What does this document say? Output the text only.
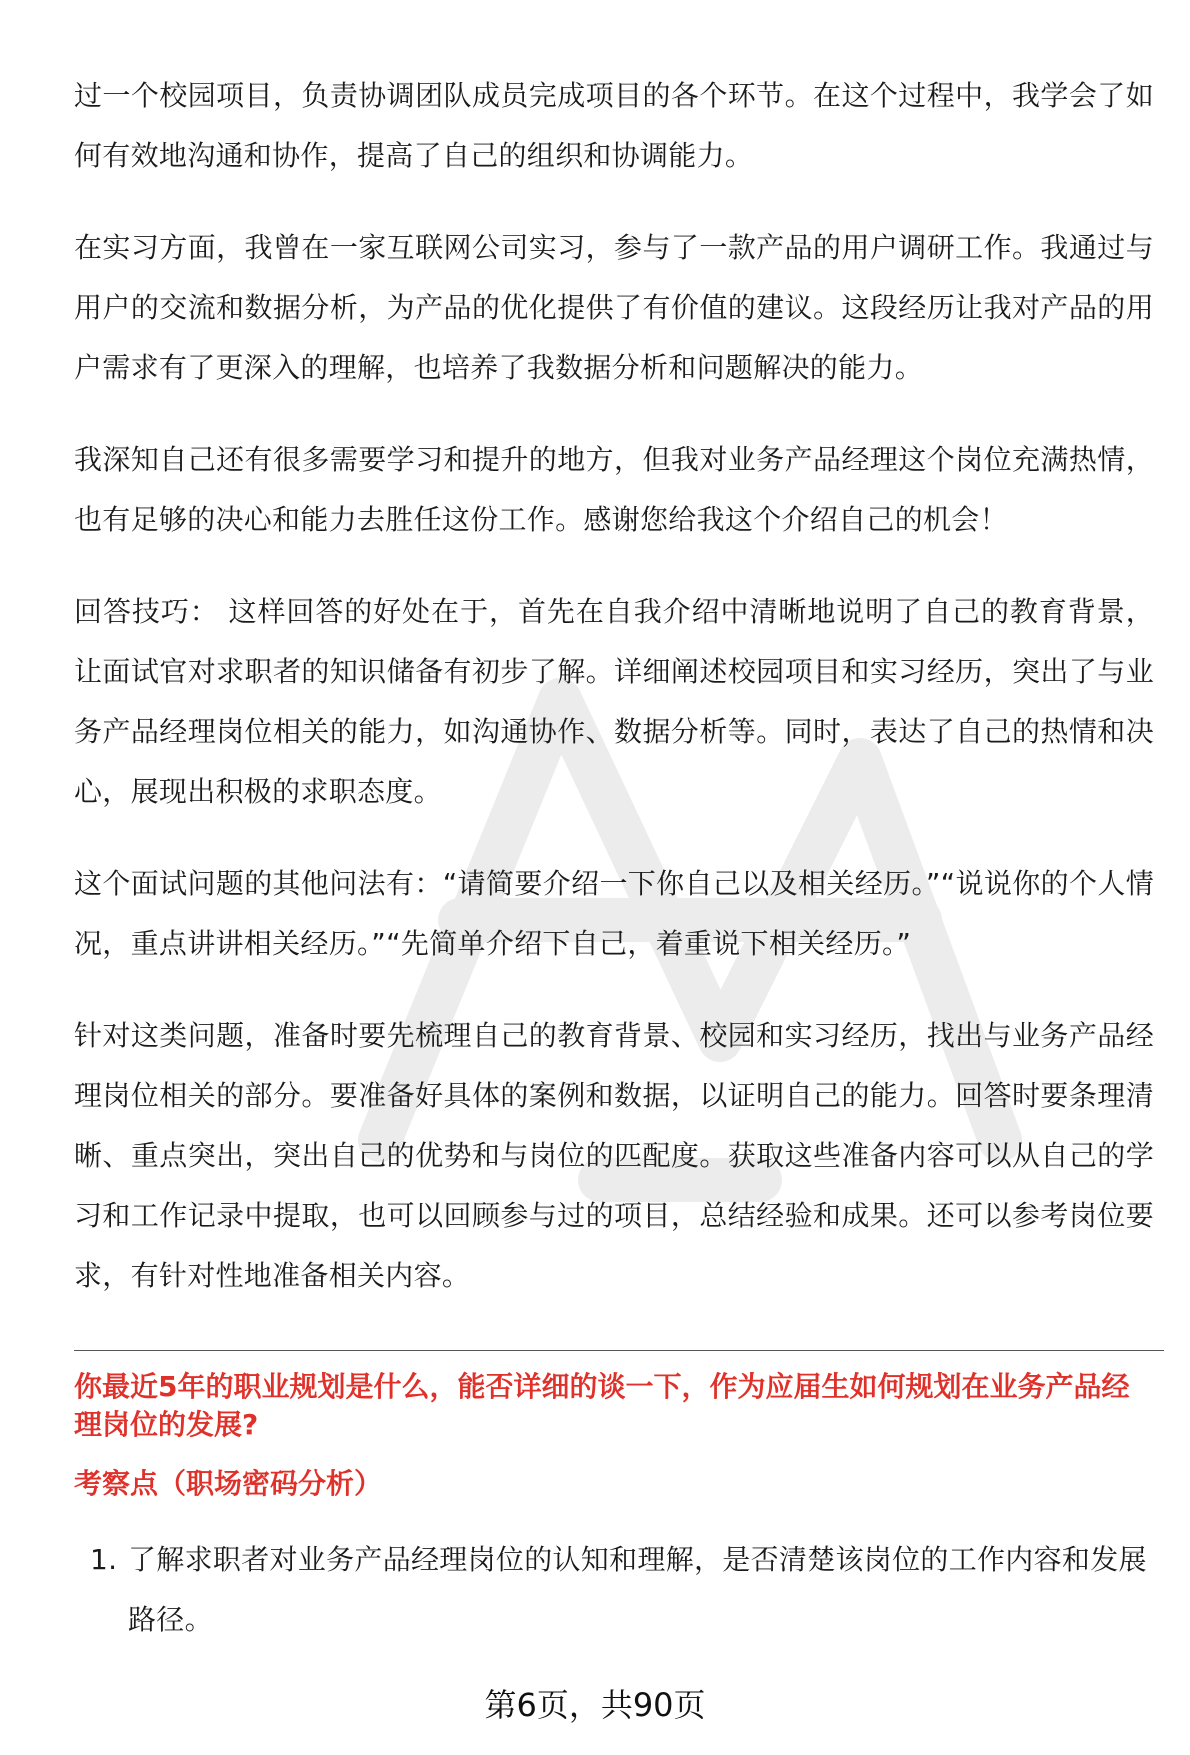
过一个校园项目，负责协调团队成员完成项目的各个环节。在这个过程中，我学会了如何有效地沟通和协作，提高了自己的组织和协调能力。

在实习方面，我曾在一家互联网公司实习，参与了一款产品的用户调研工作。我通过与用户的交流和数据分析，为产品的优化提供了有价值的建议。这段经历让我对产品的用户需求有了更深入的理解，也培养了我数据分析和问题解决的能力。

我深知自己还有很多需要学习和提升的地方，但我对业务产品经理这个岗位充满热情，也有足够的决心和能力去胜任这份工作。感谢您给我这个介绍自己的机会！

回答技巧： 这样回答的好处在于，首先在自我介绍中清晰地说明了自己的教育背景，让面试官对求职者的知识储备有初步了解。详细阐述校园项目和实习经历，突出了与业务产品经理岗位相关的能力，如沟通协作、数据分析等。同时，表达了自己的热情和决心，展现出积极的求职态度。

这个面试问题的其他问法有：“请简要介绍一下你自己以及相关经历。”“说说你的个人情况，重点讲讲相关经历。”“先简单介绍下自己，着重说下相关经历。”

针对这类问题，准备时要先梳理自己的教育背景、校园和实习经历，找出与业务产品经理岗位相关的部分。要准备好具体的案例和数据，以证明自己的能力。回答时要条理清晰、重点突出，突出自己的优势和与岗位的匹配度。获取这些准备内容可以从自己的学习和工作记录中提取，也可以回顾参与过的项目，总结经验和成果。还可以参考岗位要求，有针对性地准备相关内容。

你最近5年的职业规划是什么，能否详细的谈一下，作为应届生如何规划在业务产品经理岗位的发展?

考察点（职场密码分析）

1. 了解求职者对业务产品经理岗位的认知和理解，是否清楚该岗位的工作内容和发展路径。
第6页，共90页
